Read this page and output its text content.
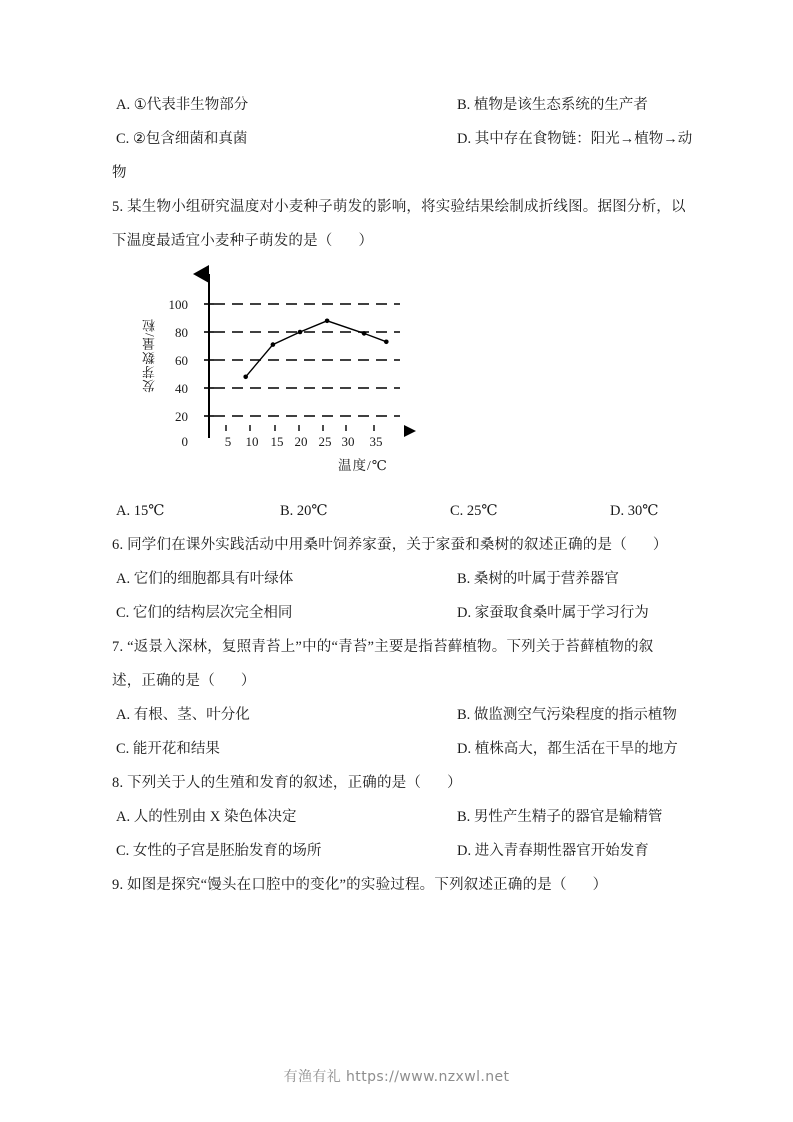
A. ①代表非生物部分	B. 植物是该生态系统的生产者
C. ②包含细菌和真菌	D. 其中存在食物链：阳光→植物→动
物
5. 某生物小组研究温度对小麦种子萌发的影响，将实验结果绘制成折线图。据图分析，以
下温度最适宜小麦种子萌发的是（ ）
发芽数量/粒
温度/℃
100
80
60
40
20
0	5	10 15 20 25 30 35
A. 15℃	B. 20℃	C. 25℃	D. 30℃
6. 同学们在课外实践活动中用桑叶饲养家蚕，关于家蚕和桑树的叙述正确的是（ ）
A. 它们的细胞都具有叶绿体	B. 桑树的叶属于营养器官
C. 它们的结构层次完全相同	D. 家蚕取食桑叶属于学习行为
7. “返景入深林，复照青苔上”中的“青苔”主要是指苔藓植物。下列关于苔藓植物的叙
述，正确的是（ ）
A. 有根、茎、叶分化	B. 做监测空气污染程度的指示植物
C. 能开花和结果	D. 植株高大，都生活在干旱的地方
8. 下列关于人的生殖和发育的叙述，正确的是（ ）
A. 人的性别由 X 染色体决定	B. 男性产生精子的器官是输精管
C. 女性的子宫是胚胎发育的场所	D. 进入青春期性器官开始发育
9. 如图是探究“馒头在口腔中的变化”的实验过程。下列叙述正确的是（ ）
有渔有礼 https://www.nzxwl.net
